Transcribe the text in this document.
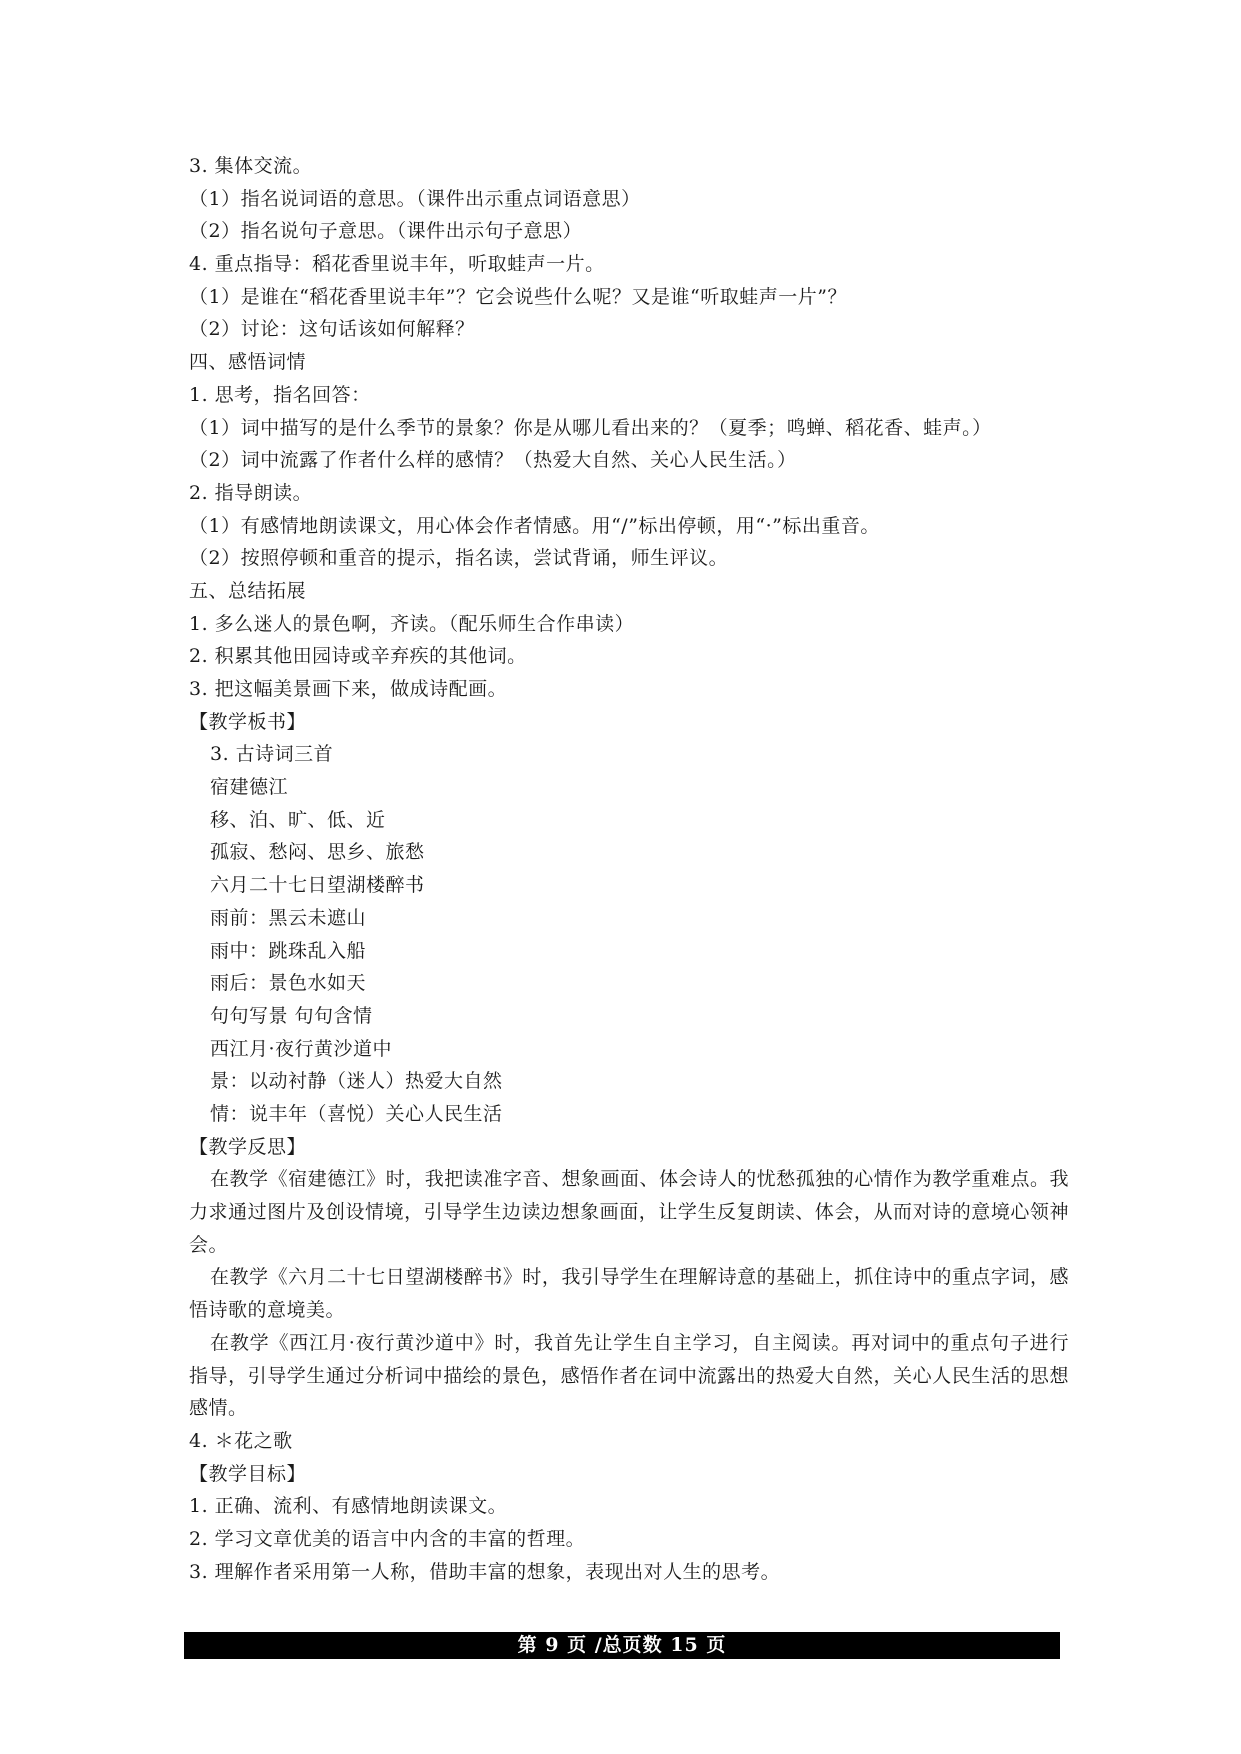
3. 集体交流。
（1）指名说词语的意思。（课件出示重点词语意思）
（2）指名说句子意思。（课件出示句子意思）
4. 重点指导：稻花香里说丰年，听取蛙声一片。
（1）是谁在“稻花香里说丰年”？它会说些什么呢？又是谁“听取蛙声一片”？
（2）讨论：这句话该如何解释？
四、感悟词情
1. 思考，指名回答：
（1）词中描写的是什么季节的景象？你是从哪儿看出来的？（夏季；鸣蝉、稻花香、蛙声。）
（2）词中流露了作者什么样的感情？（热爱大自然、关心人民生活。）
2. 指导朗读。
（1）有感情地朗读课文，用心体会作者情感。用“/”标出停顿，用“·”标出重音。
（2）按照停顿和重音的提示，指名读，尝试背诵，师生评议。
五、总结拓展
1. 多么迷人的景色啊，齐读。（配乐师生合作串读）
2. 积累其他田园诗或辛弃疾的其他词。
3. 把这幅美景画下来，做成诗配画。
【教学板书】
3. 古诗词三首
宿建德江
移、泊、旷、低、近
孤寂、愁闷、思乡、旅愁
六月二十七日望湖楼醉书
雨前：黑云未遮山
雨中：跳珠乱入船
雨后：景色水如天
句句写景 句句含情
西江月·夜行黄沙道中
景：以动衬静（迷人）热爱大自然
情：说丰年（喜悦）关心人民生活
【教学反思】
在教学《宿建德江》时，我把读准字音、想象画面、体会诗人的忧愁孤独的心情作为教学重难点。我力求通过图片及创设情境，引导学生边读边想象画面，让学生反复朗读、体会，从而对诗的意境心领神会。
在教学《六月二十七日望湖楼醉书》时，我引导学生在理解诗意的基础上，抓住诗中的重点字词，感悟诗歌的意境美。
在教学《西江月·夜行黄沙道中》时，我首先让学生自主学习，自主阅读。再对词中的重点句子进行指导，引导学生通过分析词中描绘的景色，感悟作者在词中流露出的热爱大自然，关心人民生活的思想感情。
4. ＊花之歌
【教学目标】
1. 正确、流利、有感情地朗读课文。
2. 学习文章优美的语言中内含的丰富的哲理。
3. 理解作者采用第一人称，借助丰富的想象，表现出对人生的思考。
第 9 页 /总页数 15 页
